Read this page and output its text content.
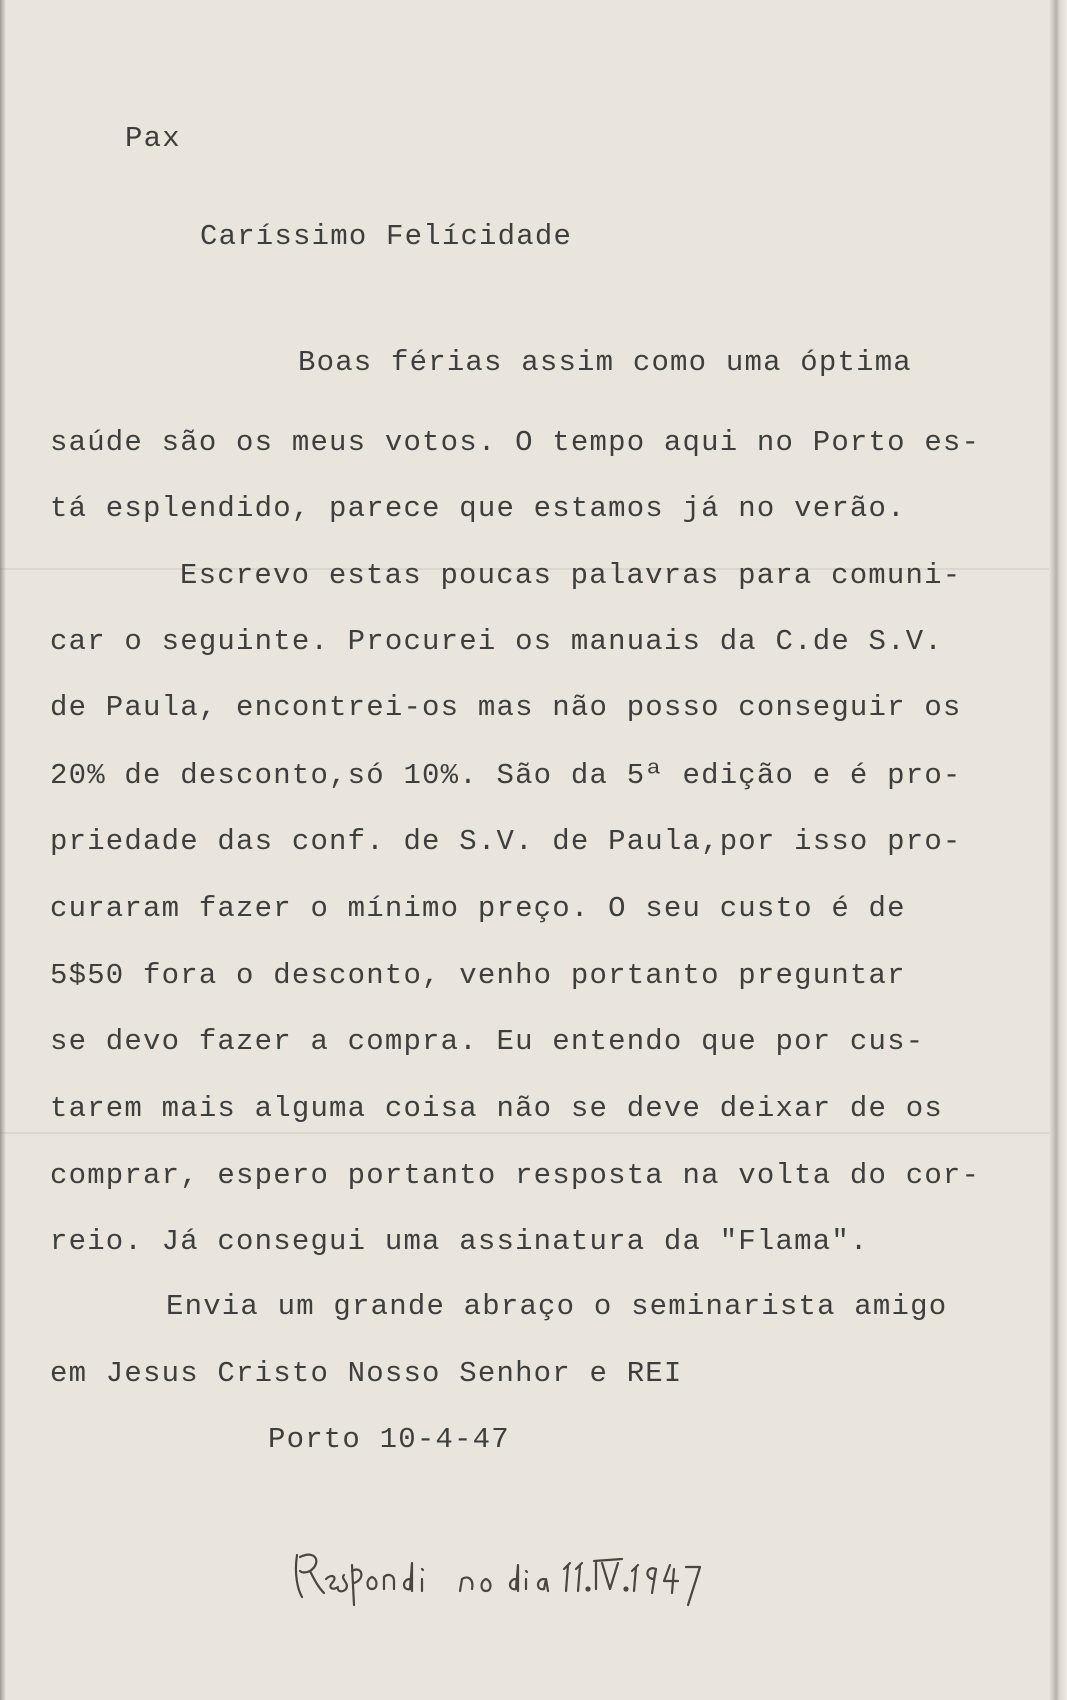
Pax
Caríssimo Felícidade
Boas férias assim como uma óptima
saúde são os meus votos. O tempo aqui no Porto es-
tá esplendido, parece que estamos já no verão.
Escrevo estas poucas palavras para comuni-
car o seguinte. Procurei os manuais da C.de S.V.
de Paula, encontrei-os mas não posso conseguir os
20% de desconto,só 10%. São da 5ª edição e é pro-
priedade das conf. de S.V. de Paula,por isso pro-
curaram fazer o mínimo preço. O seu custo é de
5$50 fora o desconto, venho portanto preguntar
se devo fazer a compra. Eu entendo que por cus-
tarem mais alguma coisa não se deve deixar de os
comprar, espero portanto resposta na volta do cor-
reio. Já consegui uma assinatura da "Flama".
Envia um grande abraço o seminarista amigo
em Jesus Cristo Nosso Senhor e REI
Porto 10-4-47
